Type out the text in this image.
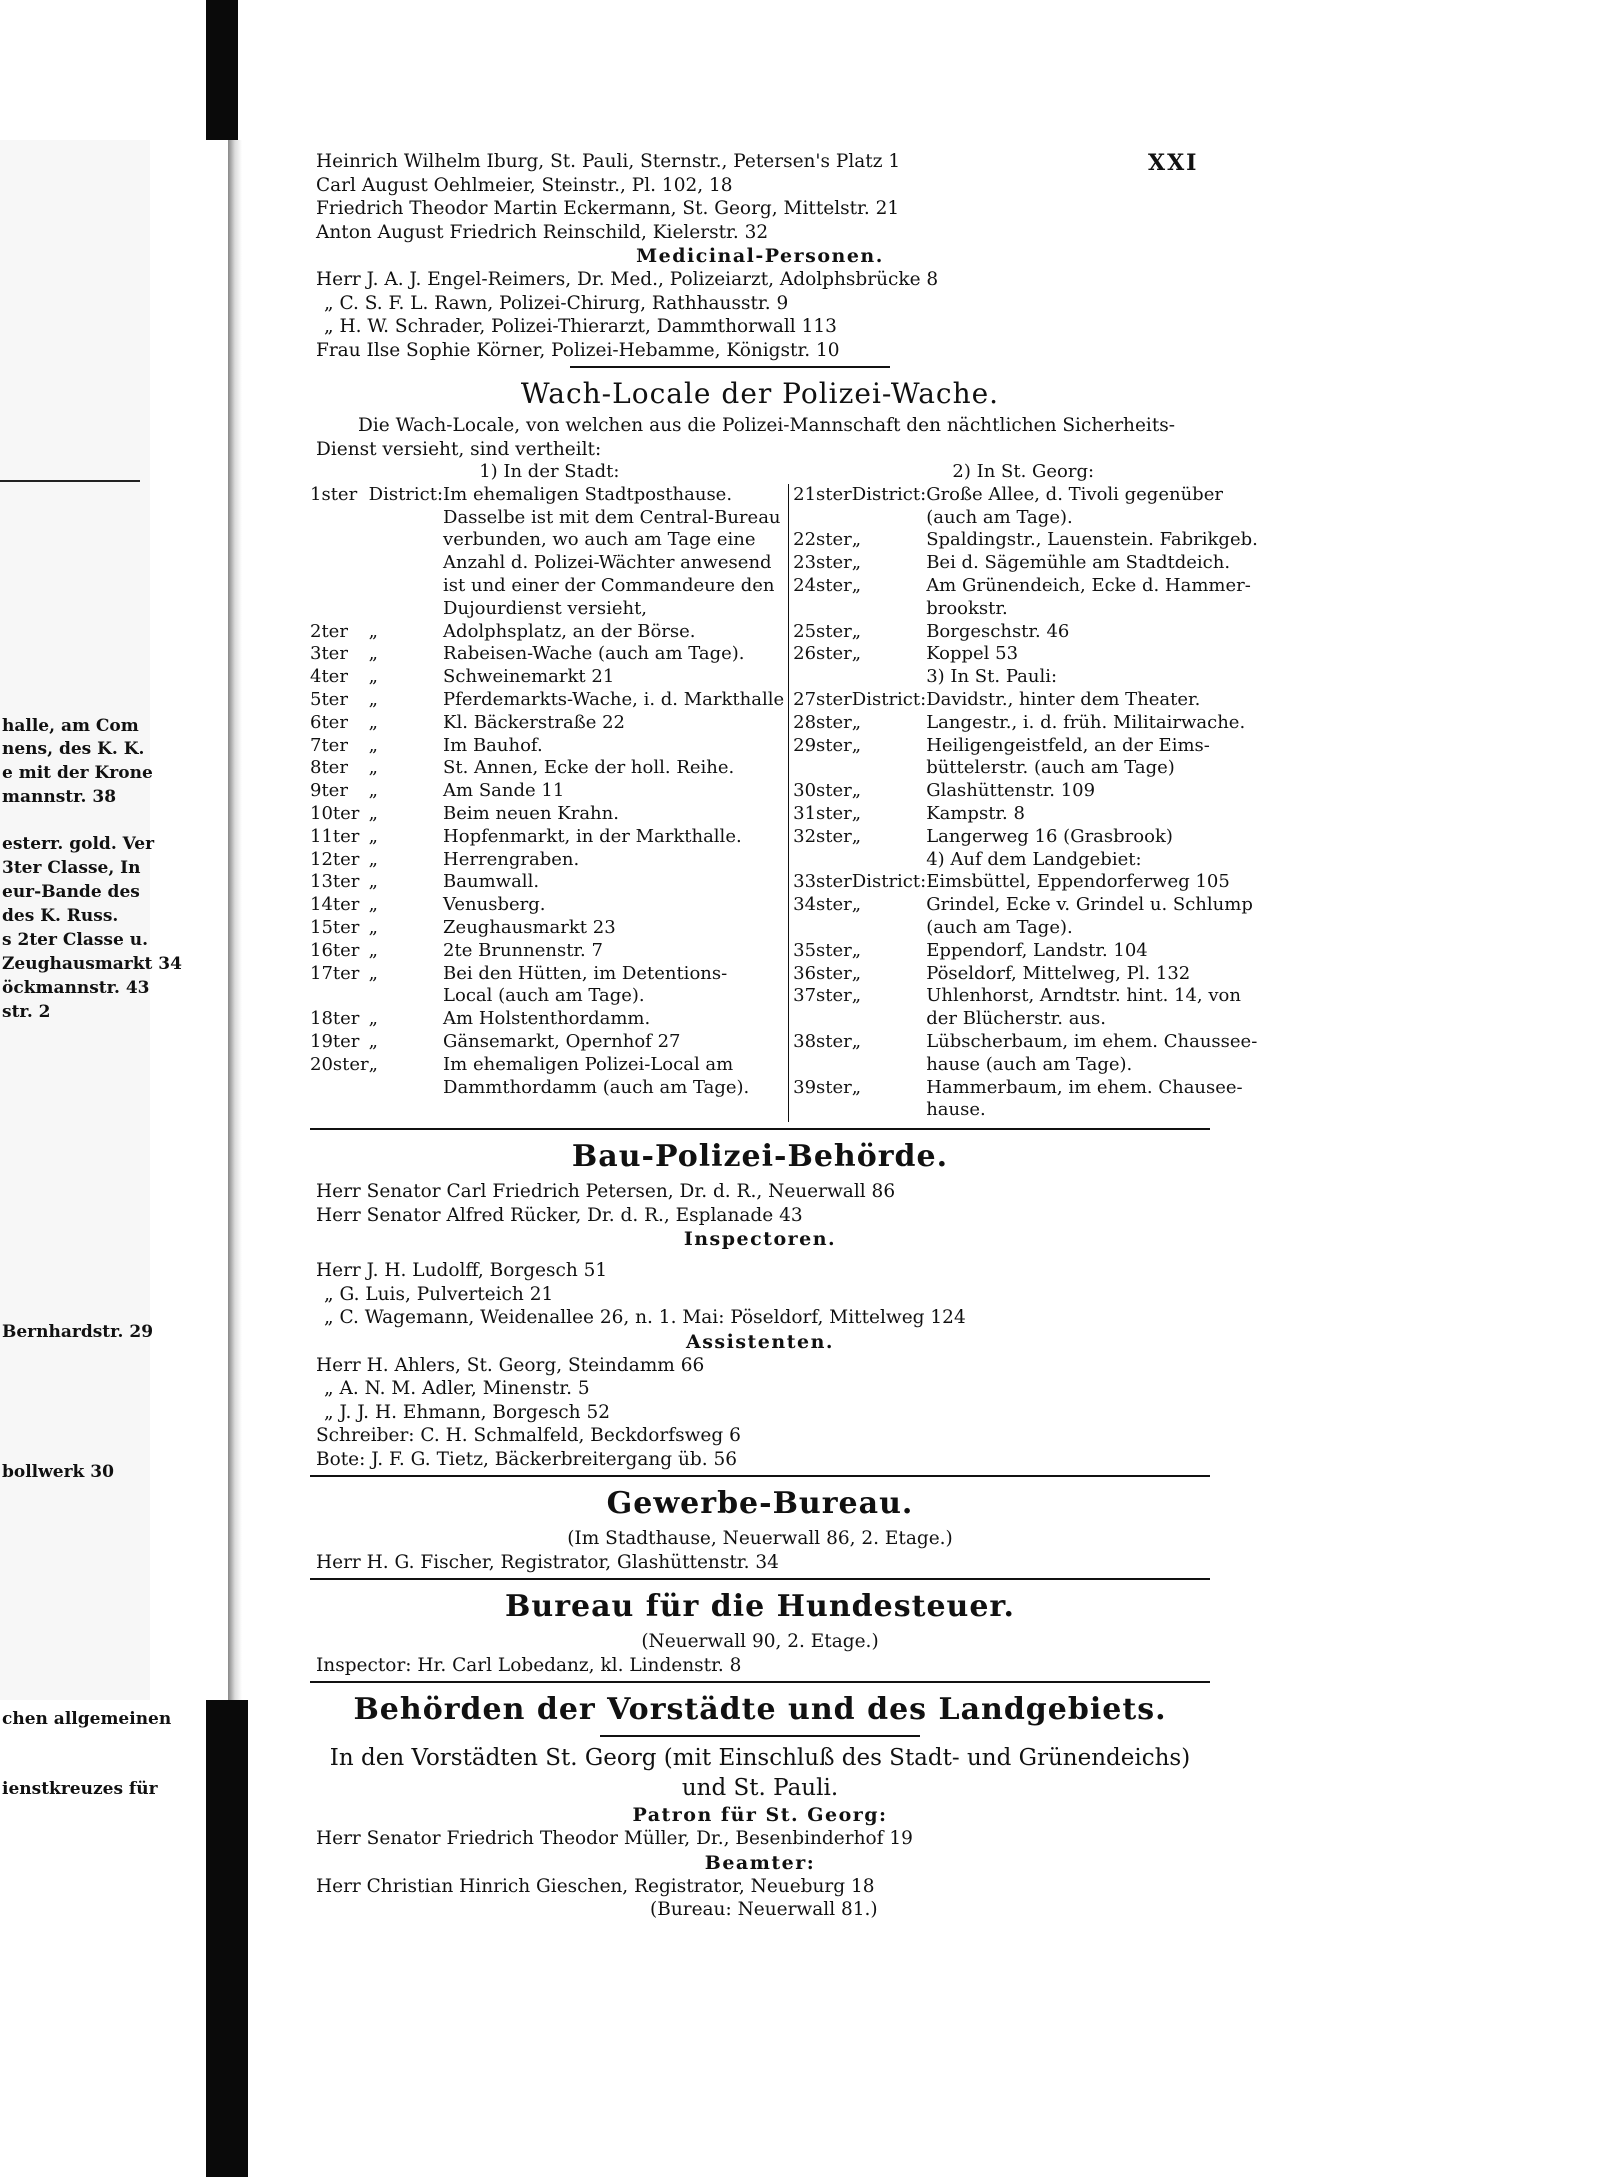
halle, am Com
nens, des K. K.
e mit der Krone
mannstr. 38
esterr. gold. Ver
3ter Classe, In
eur-Bande des
des K. Russ.
s 2ter Classe u.
Zeughausmarkt 34
öckmannstr. 43
str. 2
Bernhardstr. 29
bollwerk 30
chen allgemeinen
ienstkreuzes für
XXI
Heinrich Wilhelm Iburg, St. Pauli, Sternstr., Petersen's Platz 1
Carl August Oehlmeier, Steinstr., Pl. 102, 18
Friedrich Theodor Martin Eckermann, St. Georg, Mittelstr. 21
Anton August Friedrich Reinschild, Kielerstr. 32
Medicinal-Personen.
Herr J. A. J. Engel-Reimers, Dr. Med., Polizeiarzt, Adolphsbrücke 8
„ C. S. F. L. Rawn, Polizei-Chirurg, Rathhausstr. 9
„ H. W. Schrader, Polizei-Thierarzt, Dammthorwall 113
Frau Ilse Sophie Körner, Polizei-Hebamme, Königstr. 10
Wach-Locale der Polizei-Wache.
Die Wach-Locale, von welchen aus die Polizei-Mannschaft den nächtlichen Sicherheits-
Dienst versieht, sind vertheilt:
1) In der Stadt:			2) In St. Georg:		
1ster	District:	Im ehemaligen Stadtposthause.	21ster	District:	Große Allee, d. Tivoli gegenüber
		Dasselbe ist mit dem Central-Bureau			(auch am Tage).
		verbunden, wo auch am Tage eine	22ster	„	Spaldingstr., Lauenstein. Fabrikgeb.
		Anzahl d. Polizei-Wächter anwesend	23ster	„	Bei d. Sägemühle am Stadtdeich.
		ist und einer der Commandeure den	24ster	„	Am Grünendeich, Ecke d. Hammer-
		Dujourdienst versieht,			brookstr.
2ter	„	Adolphsplatz, an der Börse.	25ster	„	Borgeschstr. 46
3ter	„	Rabeisen-Wache (auch am Tage).	26ster	„	Koppel 53
4ter	„	Schweinemarkt 21			3) In St. Pauli:
5ter	„	Pferdemarkts-Wache, i. d. Markthalle	27ster	District:	Davidstr., hinter dem Theater.
6ter	„	Kl. Bäckerstraße 22	28ster	„	Langestr., i. d. früh. Militairwache.
7ter	„	Im Bauhof.	29ster	„	Heiligengeistfeld, an der Eims-
8ter	„	St. Annen, Ecke der holl. Reihe.			büttelerstr. (auch am Tage)
9ter	„	Am Sande 11	30ster	„	Glashüttenstr. 109
10ter	„	Beim neuen Krahn.	31ster	„	Kampstr. 8
11ter	„	Hopfenmarkt, in der Markthalle.	32ster	„	Langerweg 16 (Grasbrook)
12ter	„	Herrengraben.			4) Auf dem Landgebiet:
13ter	„	Baumwall.	33ster	District:	Eimsbüttel, Eppendorferweg 105
14ter	„	Venusberg.	34ster	„	Grindel, Ecke v. Grindel u. Schlump
15ter	„	Zeughausmarkt 23			(auch am Tage).
16ter	„	2te Brunnenstr. 7	35ster	„	Eppendorf, Landstr. 104
17ter	„	Bei den Hütten, im Detentions-	36ster	„	Pöseldorf, Mittelweg, Pl. 132
		Local (auch am Tage).	37ster	„	Uhlenhorst, Arndtstr. hint. 14, von
18ter	„	Am Holstenthordamm.			der Blücherstr. aus.
19ter	„	Gänsemarkt, Opernhof 27	38ster	„	Lübscherbaum, im ehem. Chaussee-
20ster	„	Im ehemaligen Polizei-Local am			hause (auch am Tage).
		Dammthordamm (auch am Tage).	39ster	„	Hammerbaum, im ehem. Chausee-
					hause.
Bau-Polizei-Behörde.
Herr Senator Carl Friedrich Petersen, Dr. d. R., Neuerwall 86
Herr Senator Alfred Rücker, Dr. d. R., Esplanade 43
Inspectoren.
Herr J. H. Ludolff, Borgesch 51
„ G. Luis, Pulverteich 21
„ C. Wagemann, Weidenallee 26, n. 1. Mai: Pöseldorf, Mittelweg 124
Assistenten.
Herr H. Ahlers, St. Georg, Steindamm 66
„ A. N. M. Adler, Minenstr. 5
„ J. J. H. Ehmann, Borgesch 52
Schreiber: C. H. Schmalfeld, Beckdorfsweg 6
Bote: J. F. G. Tietz, Bäckerbreitergang üb. 56
Gewerbe-Bureau.
(Im Stadthause, Neuerwall 86, 2. Etage.)
Herr H. G. Fischer, Registrator, Glashüttenstr. 34
Bureau für die Hundesteuer.
(Neuerwall 90, 2. Etage.)
Inspector: Hr. Carl Lobedanz, kl. Lindenstr. 8
Behörden der Vorstädte und des Landgebiets.
In den Vorstädten St. Georg (mit Einschluß des Stadt- und Grünendeichs)
und St. Pauli.
Patron für St. Georg:
Herr Senator Friedrich Theodor Müller, Dr., Besenbinderhof 19
Beamter:
Herr Christian Hinrich Gieschen, Registrator, Neueburg 18
(Bureau: Neuerwall 81.)
